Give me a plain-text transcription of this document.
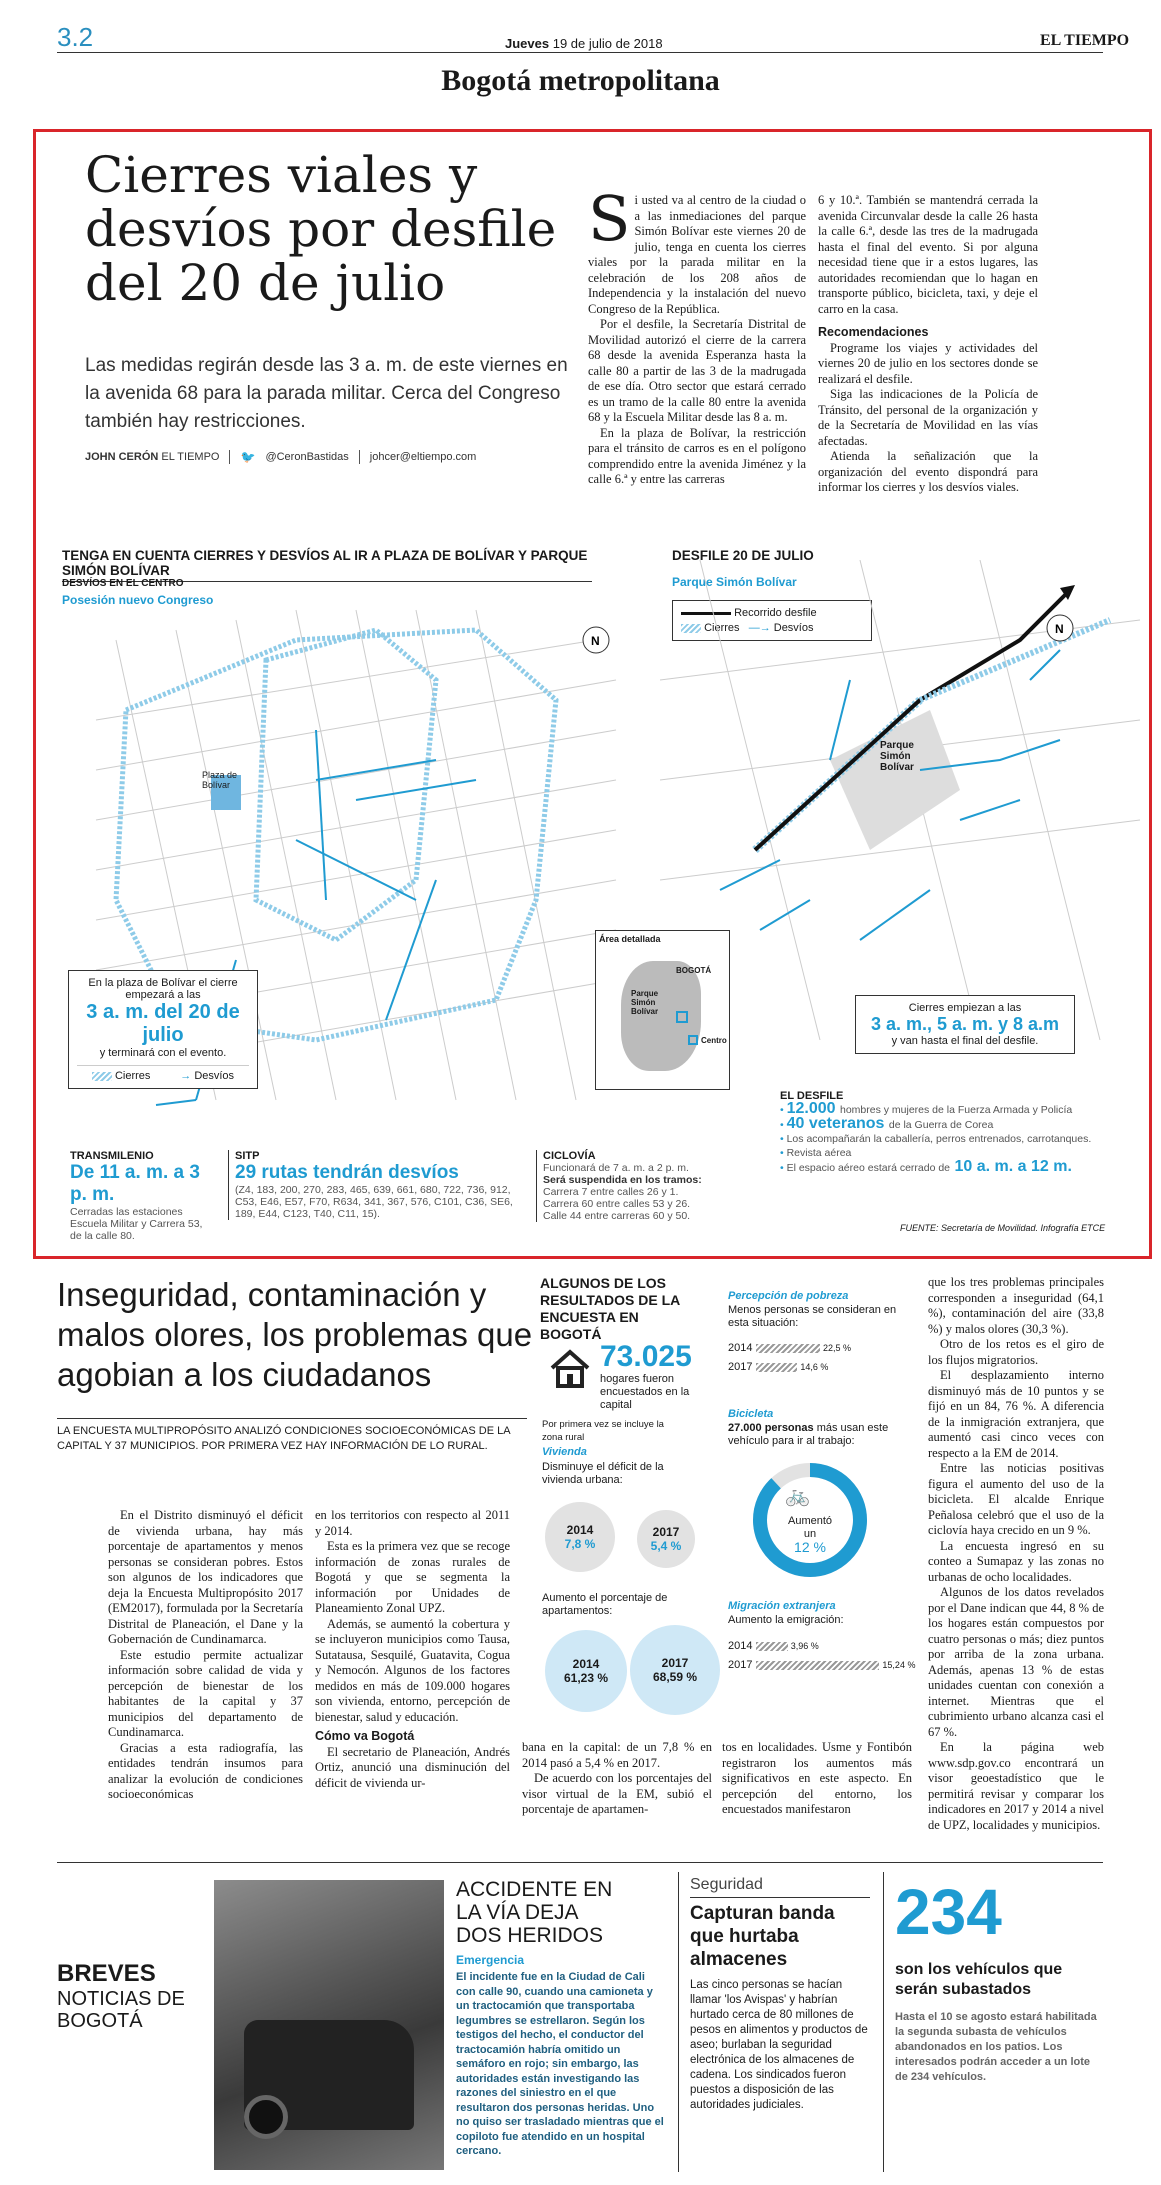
3.2	Jueves 19 de julio de 2018	EL TIEMPO
Bogotá metropolitana
Cierres viales y desvíos por desfile del 20 de julio

Las medidas regirán desde las 3 a. m. de este viernes en la avenida 68 para la parada militar. Cerca del Congreso también hay restricciones.

JOHN CERÓN EL TIEMPO 🐦 @CeronBastidas johcer@eltiempo.com
S i usted va al centro de la ciudad o a las inmediaciones del parque Simón Bolívar este viernes 20 de julio, tenga en cuenta los cierres viales por la parada militar en la celebración de los 208 años de Independencia y la instalación del nuevo Congreso de la República.

Por el desfile, la Secretaría Distrital de Movilidad autorizó el cierre de la carrera 68 desde la avenida Esperanza hasta la calle 80 a partir de las 3 de la madrugada de ese día. Otro sector que estará cerrado es un tramo de la calle 80 entre la avenida 68 y la Escuela Militar desde las 8 a. m.

En la plaza de Bolívar, la restricción para el tránsito de carros es en el polígono comprendido entre la avenida Jiménez y la calle 6.ª y entre las carreras

6 y 10.ª. También se mantendrá cerrada la avenida Circunvalar desde la calle 26 hasta la calle 6.ª, desde las tres de la madrugada hasta el final del evento. Si por alguna necesidad tiene que ir a estos lugares, las autoridades recomiendan que lo hagan en transporte público, bicicleta, taxi, y deje el carro en la casa.

Recomendaciones

Programe los viajes y actividades del viernes 20 de julio en los sectores donde se realizará el desfile.

Siga las indicaciones de la Policía de Tránsito, del personal de la organización y de la Secretaría de Movilidad en las vías afectadas.

Atienda la señalización que la organización del evento dispondrá para informar los cierres y los desvíos viales.

TENGA EN CUENTA CIERRES Y DESVÍOS AL IR A PLAZA DE BOLÍVAR Y PARQUE SIMÓN BOLÍVAR
DESVÍOS EN EL CENTRO
Posesión nuevo Congreso
N
Plaza de Bolívar
En la plaza de Bolívar el cierre empezará a las
3 a. m. del 20 de julio
y terminará con el evento.
Cierres	→ Desvíos
Área detallada
BOGOTÁ
Parque Simón Bolívar
Centro
DESFILE 20 DE JULIO
Parque Simón Bolívar
Recorrido desfile
Cierres —→ Desvíos	N
Parque Simón Bolívar
Cierres empiezan a las
3 a. m., 5 a. m. y 8 a.m
y van hasta el final del desfile.
EL DESFILE
• 12.000 hombres y mujeres de la Fuerza Armada y Policía
• 40 veteranos de la Guerra de Corea
• Los acompañarán la caballería, perros entrenados, carrotanques.
• Revista aérea
• El espacio aéreo estará cerrado de 10 a. m. a 12 m.
FUENTE: Secretaría de Movilidad. Infografía ETCE
TRANSMILENIO
De 11 a. m. a 3 p. m.
Cerradas las estaciones Escuela Militar y Carrera 53, de la calle 80.
SITP
29 rutas tendrán desvíos
(Z4, 183, 200, 270, 283, 465, 639, 661, 680, 722, 736, 912, C53, E46, E57, F70, R634, 341, 367, 576, C101, C36, SE6, 189, E44, C123, T40, C11, 15).
CICLOVÍA
Funcionará de 7 a. m. a 2 p. m.
Será suspendida en los tramos:
Carrera 7 entre calles 26 y 1.
Carrera 60 entre calles 53 y 26.
Calle 44 entre carreras 60 y 50.
Inseguridad, contaminación y malos olores, los problemas que agobian a los ciudadanos

LA ENCUESTA MULTIPROPÓSITO ANALIZÓ CONDICIONES SOCIOECONÓMICAS DE LA CAPITAL Y 37 MUNICIPIOS. POR PRIMERA VEZ HAY INFORMACIÓN DE LO RURAL.

En el Distrito disminuyó el déficit de vivienda urbana, hay más porcentaje de apartamentos y menos personas se consideran pobres. Estos son algunos de los indicadores que deja la Encuesta Multipropósito 2017 (EM2017), formulada por la Secretaría Distrital de Planeación, el Dane y la Gobernación de Cundinamarca.

Este estudio permite actualizar información sobre calidad de vida y percepción de bienestar de los habitantes de la capital y 37 municipios del departamento de Cundinamarca.

Gracias a esta radiografía, las entidades tendrán insumos para analizar la evolución de condiciones socioeconómicas

en los territorios con respecto al 2011 y 2014.

Esta es la primera vez que se recoge información de zonas rurales de Bogotá y que se segmenta la información por Unidades de Planeamiento Zonal UPZ.

Además, se aumentó la cobertura y se incluyeron municipios como Tausa, Sutatausa, Sesquilé, Guatavita, Cogua y Nemocón. Algunos de los factores medidos en más de 109.000 hogares son vivienda, entorno, percepción de bienestar, salud y educación.

Cómo va Bogotá

El secretario de Planeación, Andrés Ortiz, anunció una disminución del déficit de vivienda ur-

bana en la capital: de un 7,8 % en 2014 pasó a 5,4 % en 2017.

De acuerdo con los porcentajes del visor virtual de la EM, subió el porcentaje de apartamen-

tos en localidades. Usme y Fontibón registraron los aumentos más significativos en este aspecto. En percepción del entorno, los encuestados manifestaron

que los tres problemas principales corresponden a inseguridad (64,1 %), contaminación del aire (33,8 %) y malos olores (30,3 %).

Otro de los retos es el giro de los flujos migratorios.

El desplazamiento interno disminuyó más de 10 puntos y se fijó en un 84, 76 %. A diferencia de la inmigración extranjera, que aumentó casi cinco veces con respecto a la EM de 2014.

Entre las noticias positivas figura el aumento del uso de la bicicleta. El alcalde Enrique Peñalosa celebró que el uso de la ciclovía haya crecido en un 9 %.

La encuesta ingresó en su conteo a Sumapaz y las zonas no urbanas de ocho localidades.

Algunos de los datos revelados por el Dane indican que 44, 8 % de los hogares están compuestos por cuatro personas o más; diez puntos por arriba de la zona urbana. Además, apenas 13 % de estas unidades cuentan con conexión a internet. Mientras que el cubrimiento urbano alcanza casi el 67 %.

En la página web www.sdp.gov.co encontrará un visor geoestadístico que le permitirá revisar y comparar los indicadores en 2017 y 2014 a nivel de UPZ, localidades y municipios.

ALGUNOS DE LOS RESULTADOS DE LA ENCUESTA EN BOGOTÁ
73.025
hogares fueron encuestados en la capital
Por primera vez se incluye la zona rural
Vivienda
Disminuye el déficit de la vivienda urbana:
2014
7,8 %
2017
5,4 %
Aumento el porcentaje de apartamentos:
2014
61,23 %
2017
68,59 %
Percepción de pobreza
Menos personas se consideran en esta situación:
2014	22,5 %
2017	14,6 %
Bicicleta
27.000 personas más usan este vehículo para ir al trabajo:
🚲
Aumentó
un
12 %
Migración extranjera
Aumento la emigración:
2014	3,96 %
2017	15,24 %
BREVES
NOTICIAS DE BOGOTÁ
ACCIDENTE EN LA VÍA DEJA DOS HERIDOS
Emergencia
El incidente fue en la Ciudad de Cali con calle 90, cuando una camioneta y un tractocamión que transportaba legumbres se estrellaron. Según los testigos del hecho, el conductor del tractocamión habría omitido un semáforo en rojo; sin embargo, las autoridades están investigando las razones del siniestro en el que resultaron dos personas heridas. Uno no quiso ser trasladado mientras que el copiloto fue atendido en un hospital cercano.
Seguridad
Capturan banda que hurtaba almacenes
Las cinco personas se hacían llamar 'los Avispas' y habrían hurtado cerca de 80 millones de pesos en alimentos y productos de aseo; burlaban la seguridad electrónica de los almacenes de cadena. Los sindicados fueron puestos a disposición de las autoridades judiciales.
234
son los vehículos que serán subastados
Hasta el 10 se agosto estará habilitada la segunda subasta de vehículos abandonados en los patios. Los interesados podrán acceder a un lote de 234 vehículos.
